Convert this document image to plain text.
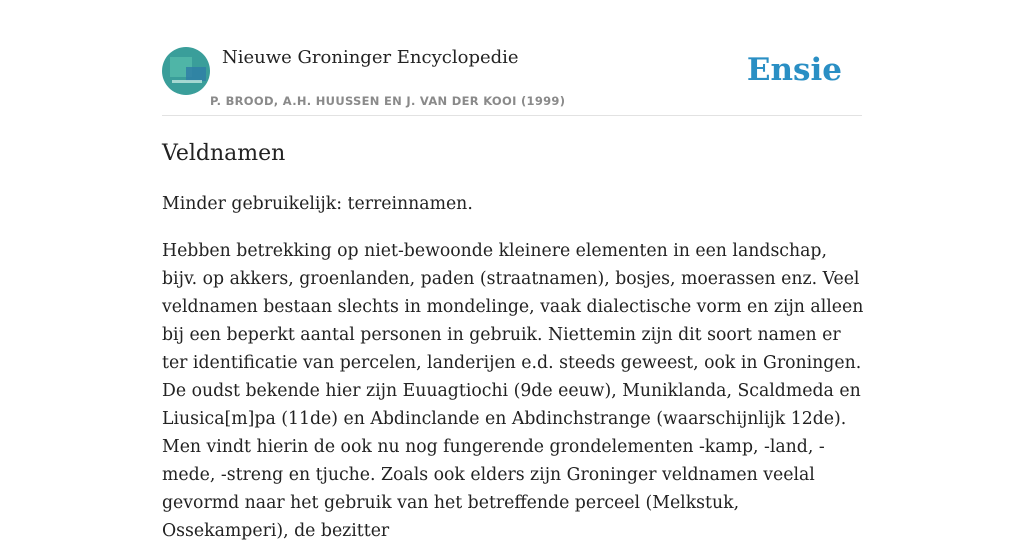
Nieuwe Groninger Encyclopedie
P. BROOD, A.H. HUUSSEN EN J. VAN DER KOOI (1999)
Ensie
Veldnamen

Minder gebruikelijk: terreinnamen.

Hebben betrekking op niet-bewoonde kleinere elementen in een landschap, bijv. op akkers, groenlanden, paden (straatnamen), bosjes, moerassen enz. Veel veldnamen bestaan slechts in mondelinge, vaak dialectische vorm en zijn alleen bij een beperkt aantal personen in gebruik. Niettemin zijn dit soort namen er ter identificatie van percelen, landerijen e.d. steeds geweest, ook in Groningen. De oudst bekende hier zijn Euuagtiochi (9de eeuw), Muniklanda, Scaldmeda en Liusica[m]pa (11de) en Abdinclande en Abdinchstrange (waarschijnlijk 12de). Men vindt hierin de ook nu nog fungerende grondelementen -kamp, -land, -mede, -streng en tjuche. Zoals ook elders zijn Groninger veldnamen veelal gevormd naar het gebruik van het betreffende perceel (Melkstuk, Ossekamperi), de bezitter
